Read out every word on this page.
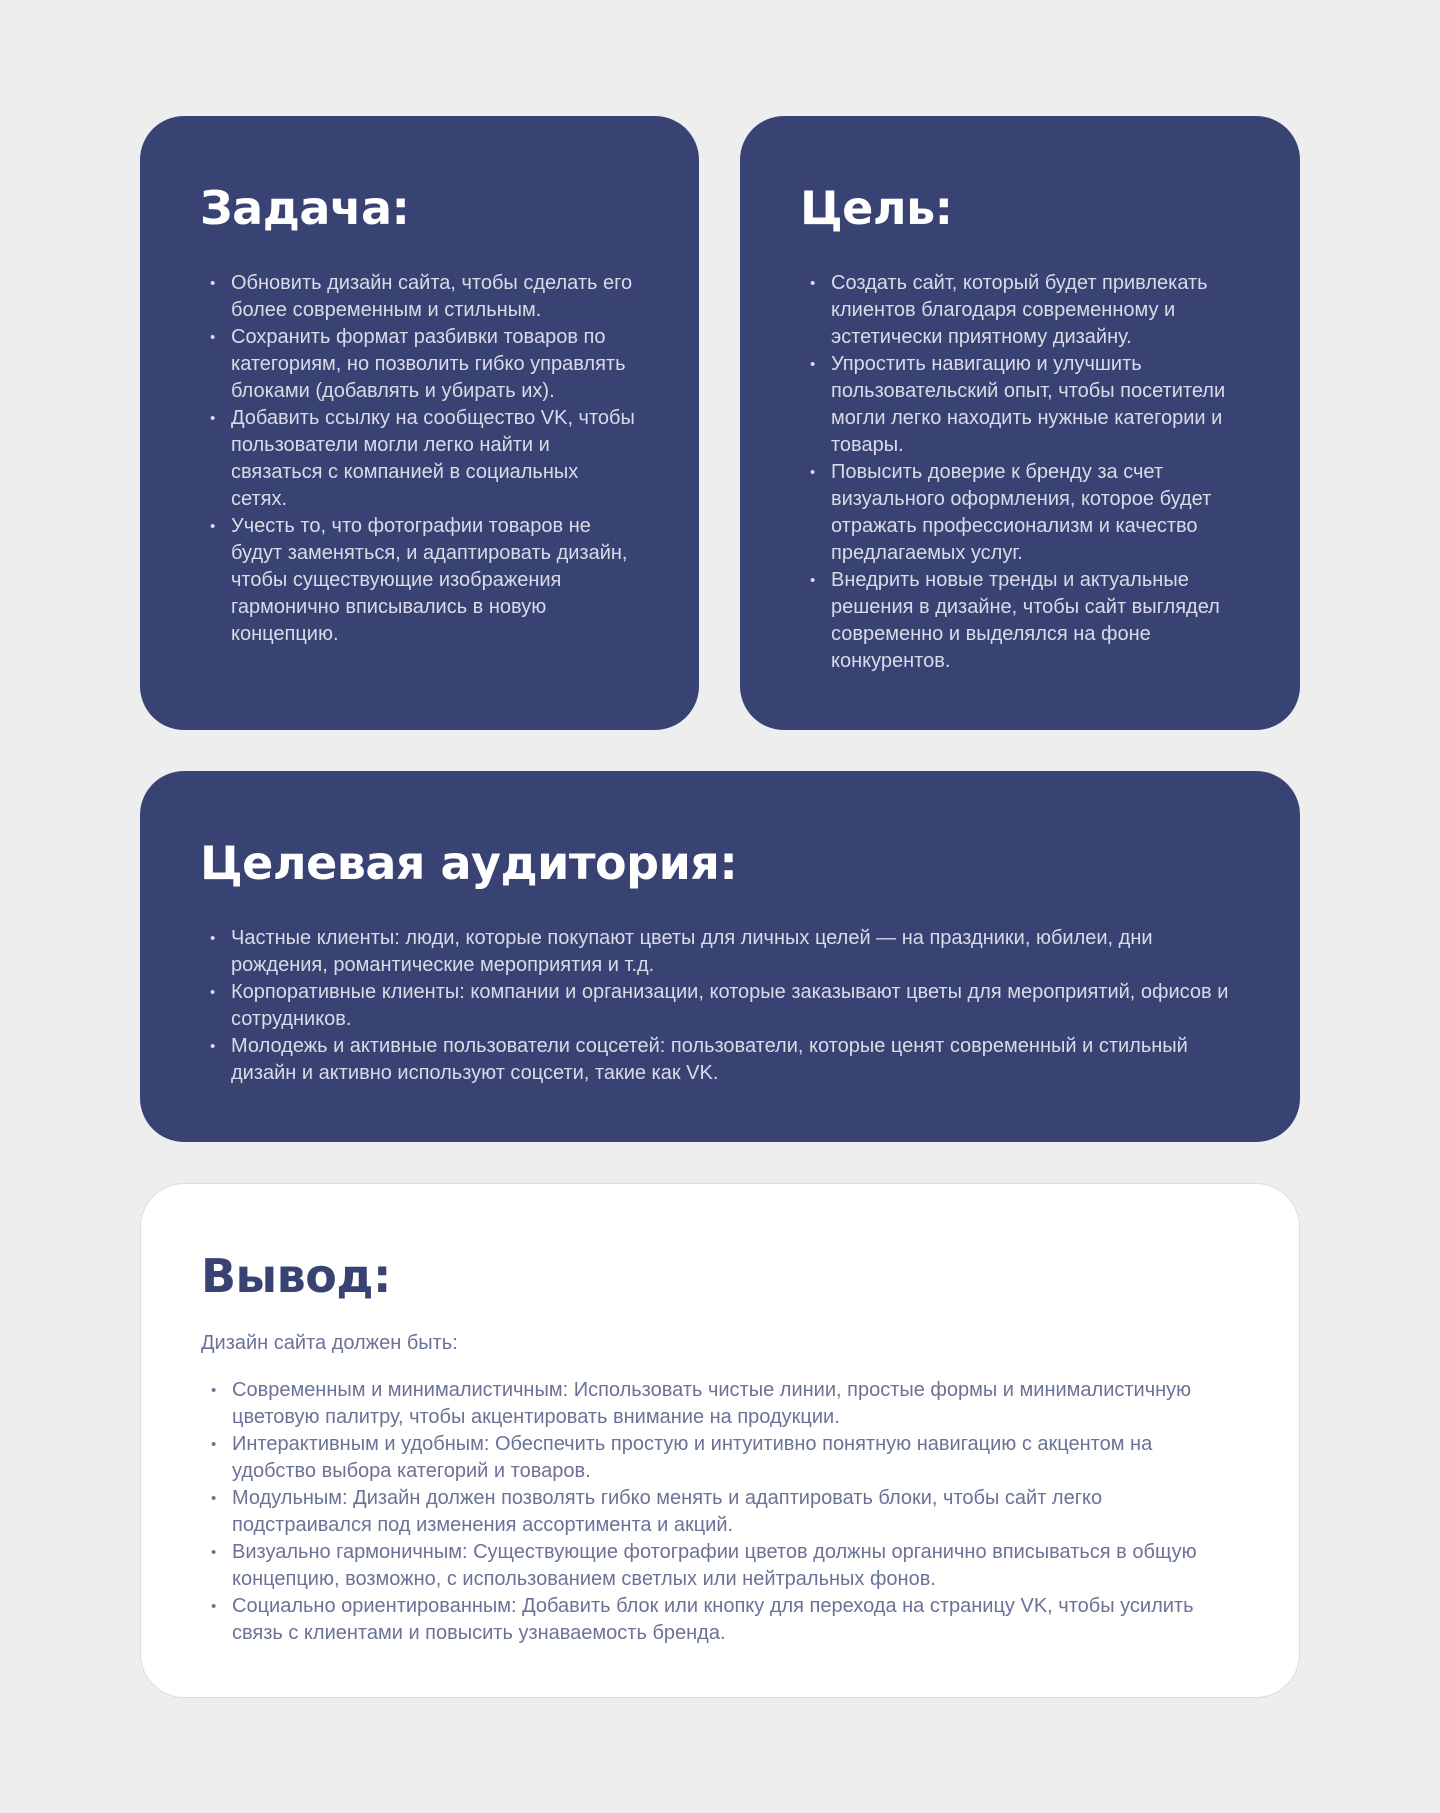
Задача:
• Обновить дизайн сайта, чтобы сделать его более современным и стильным.
• Сохранить формат разбивки товаров по категориям, но позволить гибко управлять блоками (добавлять и убирать их).
• Добавить ссылку на сообщество VK, чтобы пользователи могли легко найти и связаться с компанией в социальных сетях.
• Учесть то, что фотографии товаров не будут заменяться, и адаптировать дизайн, чтобы существующие изображения гармонично вписывались в новую концепцию.
Цель:
• Создать сайт, который будет привлекать клиентов благодаря современному и эстетически приятному дизайну.
• Упростить навигацию и улучшить пользовательский опыт, чтобы посетители могли легко находить нужные категории и товары.
• Повысить доверие к бренду за счет визуального оформления, которое будет отражать профессионализм и качество предлагаемых услуг.
• Внедрить новые тренды и актуальные решения в дизайне, чтобы сайт выглядел современно и выделялся на фоне конкурентов.
Целевая аудитория:
• Частные клиенты: люди, которые покупают цветы для личных целей — на праздники, юбилеи, дни рождения, романтические мероприятия и т.д.
• Корпоративные клиенты: компании и организации, которые заказывают цветы для мероприятий, офисов и сотрудников.
• Молодежь и активные пользователи соцсетей: пользователи, которые ценят современный и стильный дизайн и активно используют соцсети, такие как VK.
Вывод:

Дизайн сайта должен быть:

• Современным и минималистичным: Использовать чистые линии, простые формы и минималистичную цветовую палитру, чтобы акцентировать внимание на продукции.
• Интерактивным и удобным: Обеспечить простую и интуитивно понятную навигацию с акцентом на удобство выбора категорий и товаров.
• Модульным: Дизайн должен позволять гибко менять и адаптировать блоки, чтобы сайт легко подстраивался под изменения ассортимента и акций.
• Визуально гармоничным: Существующие фотографии цветов должны органично вписываться в общую концепцию, возможно, с использованием светлых или нейтральных фонов.
• Социально ориентированным: Добавить блок или кнопку для перехода на страницу VK, чтобы усилить связь с клиентами и повысить узнаваемость бренда.
